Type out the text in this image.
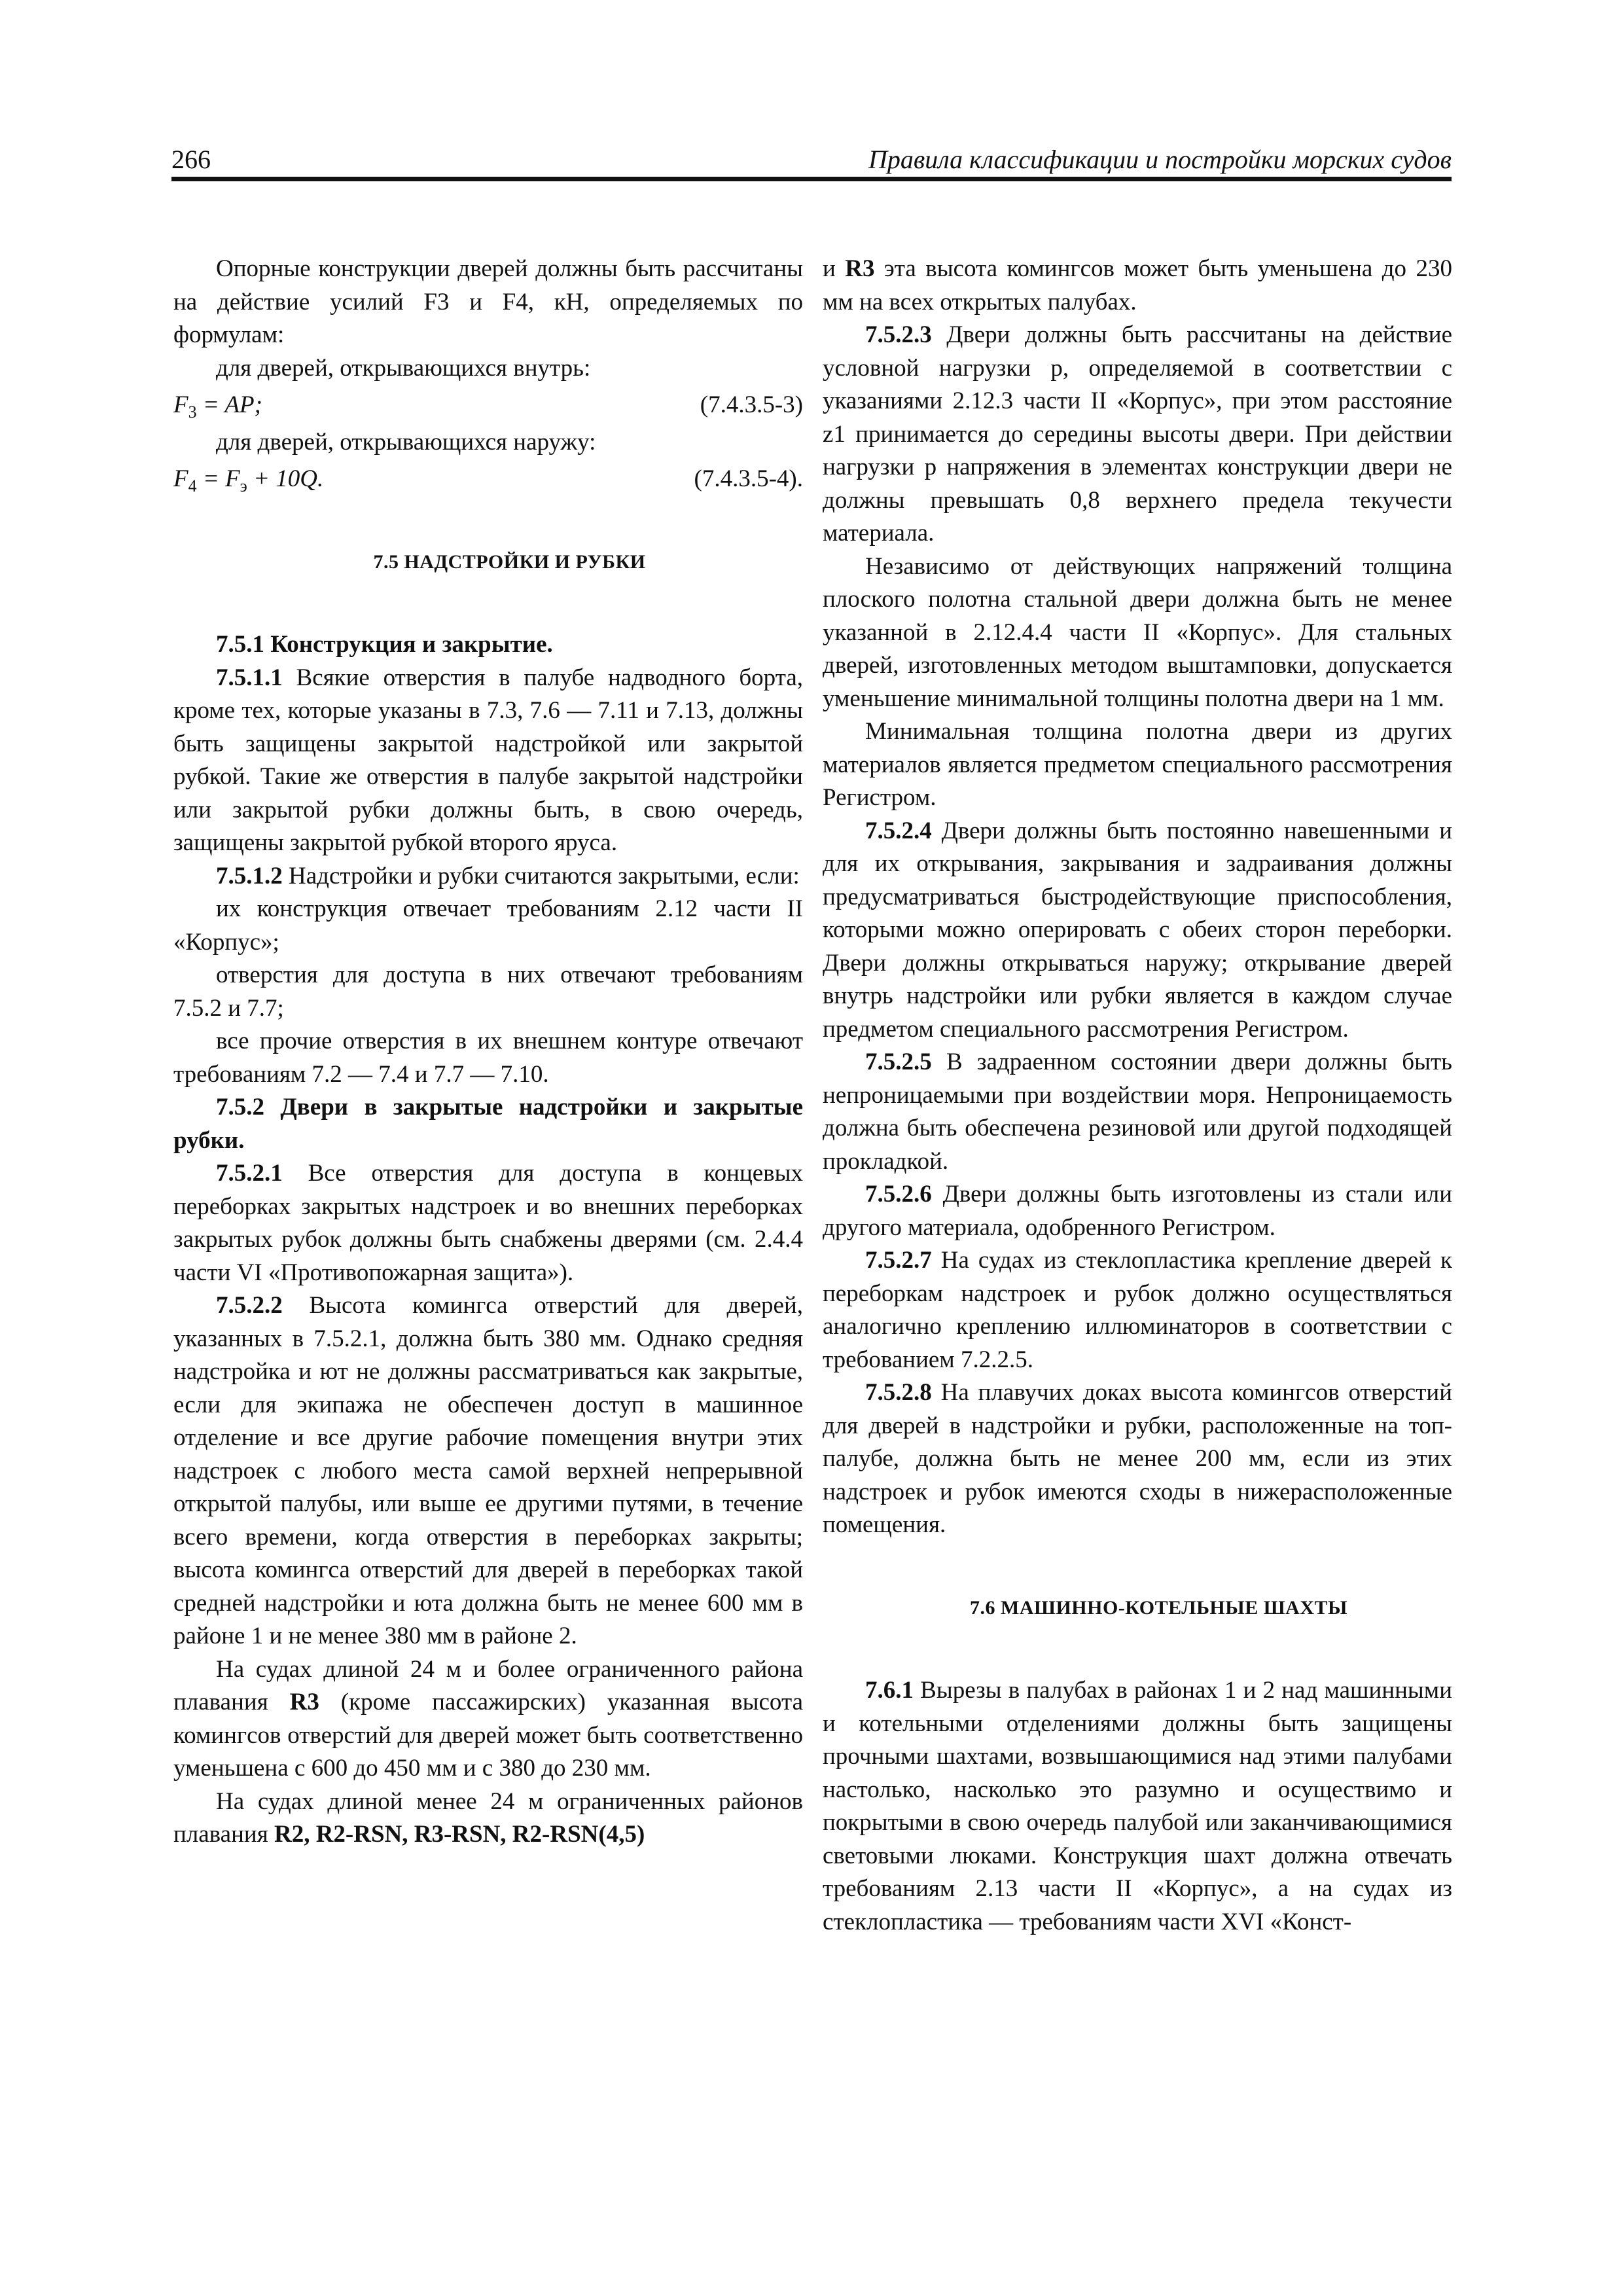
266	Правила классификации и постройки морских судов

Опорные конструкции дверей должны быть рассчитаны на действие усилий F3 и F4, кН, определяемых по формулам:

для дверей, открывающихся внутрь:

$F_3$ = AP;	(7.4.3.5-3)

для дверей, открывающихся наружу:

$F_4 = F_э + 10Q$.	(7.4.3.5-4).

7.5 НАДСТРОЙКИ И РУБКИ

7.5.1 Конструкция и закрытие.

7.5.1.1 Всякие отверстия в палубе надводного борта, кроме тех, которые указаны в 7.3, 7.6 — 7.11 и 7.13, должны быть защищены закрытой надстройкой или закрытой рубкой. Такие же отверстия в палубе закрытой надстройки или закрытой рубки должны быть, в свою очередь, защищены закрытой рубкой второго яруса.

7.5.1.2 Надстройки и рубки считаются закрытыми, если:

их конструкция отвечает требованиям 2.12 части II «Корпус»;

отверстия для доступа в них отвечают требованиям 7.5.2 и 7.7;

все прочие отверстия в их внешнем контуре отвечают требованиям 7.2 — 7.4 и 7.7 — 7.10.

7.5.2 Двери в закрытые надстройки и закрытые рубки.

7.5.2.1 Все отверстия для доступа в концевых переборках закрытых надстроек и во внешних переборках закрытых рубок должны быть снабжены дверями (см. 2.4.4 части VI «Противопожарная защита»).

7.5.2.2 Высота комингса отверстий для дверей, указанных в 7.5.2.1, должна быть 380 мм. Однако средняя надстройка и ют не должны рассматриваться как закрытые, если для экипажа не обеспечен доступ в машинное отделение и все другие рабочие помещения внутри этих надстроек с любого места самой верхней непрерывной открытой палубы, или выше ее другими путями, в течение всего времени, когда отверстия в переборках закрыты; высота комингса отверстий для дверей в переборках такой средней надстройки и юта должна быть не менее 600 мм в районе 1 и не менее 380 мм в районе 2.

На судах длиной 24 м и более ограниченного района плавания R3 (кроме пассажирских) указанная высота комингсов отверстий для дверей может быть соответственно уменьшена с 600 до 450 мм и с 380 до 230 мм.

На судах длиной менее 24 м ограниченных районов плавания R2, R2-RSN, R3-RSN, R2-RSN(4,5)

и R3 эта высота комингсов может быть уменьшена до 230 мм на всех открытых палубах.

7.5.2.3 Двери должны быть рассчитаны на действие условной нагрузки p, определяемой в соответствии с указаниями 2.12.3 части II «Корпус», при этом расстояние z1 принимается до середины высоты двери. При действии нагрузки p напряжения в элементах конструкции двери не должны превышать 0,8 верхнего предела текучести материала.

Независимо от действующих напряжений толщина плоского полотна стальной двери должна быть не менее указанной в 2.12.4.4 части II «Корпус». Для стальных дверей, изготовленных методом выштамповки, допускается уменьшение минимальной толщины полотна двери на 1 мм.

Минимальная толщина полотна двери из других материалов является предметом специального рассмотрения Регистром.

7.5.2.4 Двери должны быть постоянно навешенными и для их открывания, закрывания и задраивания должны предусматриваться быстродействующие приспособления, которыми можно оперировать с обеих сторон переборки. Двери должны открываться наружу; открывание дверей внутрь надстройки или рубки является в каждом случае предметом специального рассмотрения Регистром.

7.5.2.5 В задраенном состоянии двери должны быть непроницаемыми при воздействии моря. Непроницаемость должна быть обеспечена резиновой или другой подходящей прокладкой.

7.5.2.6 Двери должны быть изготовлены из стали или другого материала, одобренного Регистром.

7.5.2.7 На судах из стеклопластика крепление дверей к переборкам надстроек и рубок должно осуществляться аналогично креплению иллюминаторов в соответствии с требованием 7.2.2.5.

7.5.2.8 На плавучих доках высота комингсов отверстий для дверей в надстройки и рубки, расположенные на топ-палубе, должна быть не менее 200 мм, если из этих надстроек и рубок имеются сходы в нижерасположенные помещения.

7.6 МАШИННО-КОТЕЛЬНЫЕ ШАХТЫ

7.6.1 Вырезы в палубах в районах 1 и 2 над машинными и котельными отделениями должны быть защищены прочными шахтами, возвышающимися над этими палубами настолько, насколько это разумно и осуществимо и покрытыми в свою очередь палубой или заканчивающимися световыми люками. Конструкция шахт должна отвечать требованиям 2.13 части II «Корпус», а на судах из стеклопластика — требованиям части XVI «Конст-
